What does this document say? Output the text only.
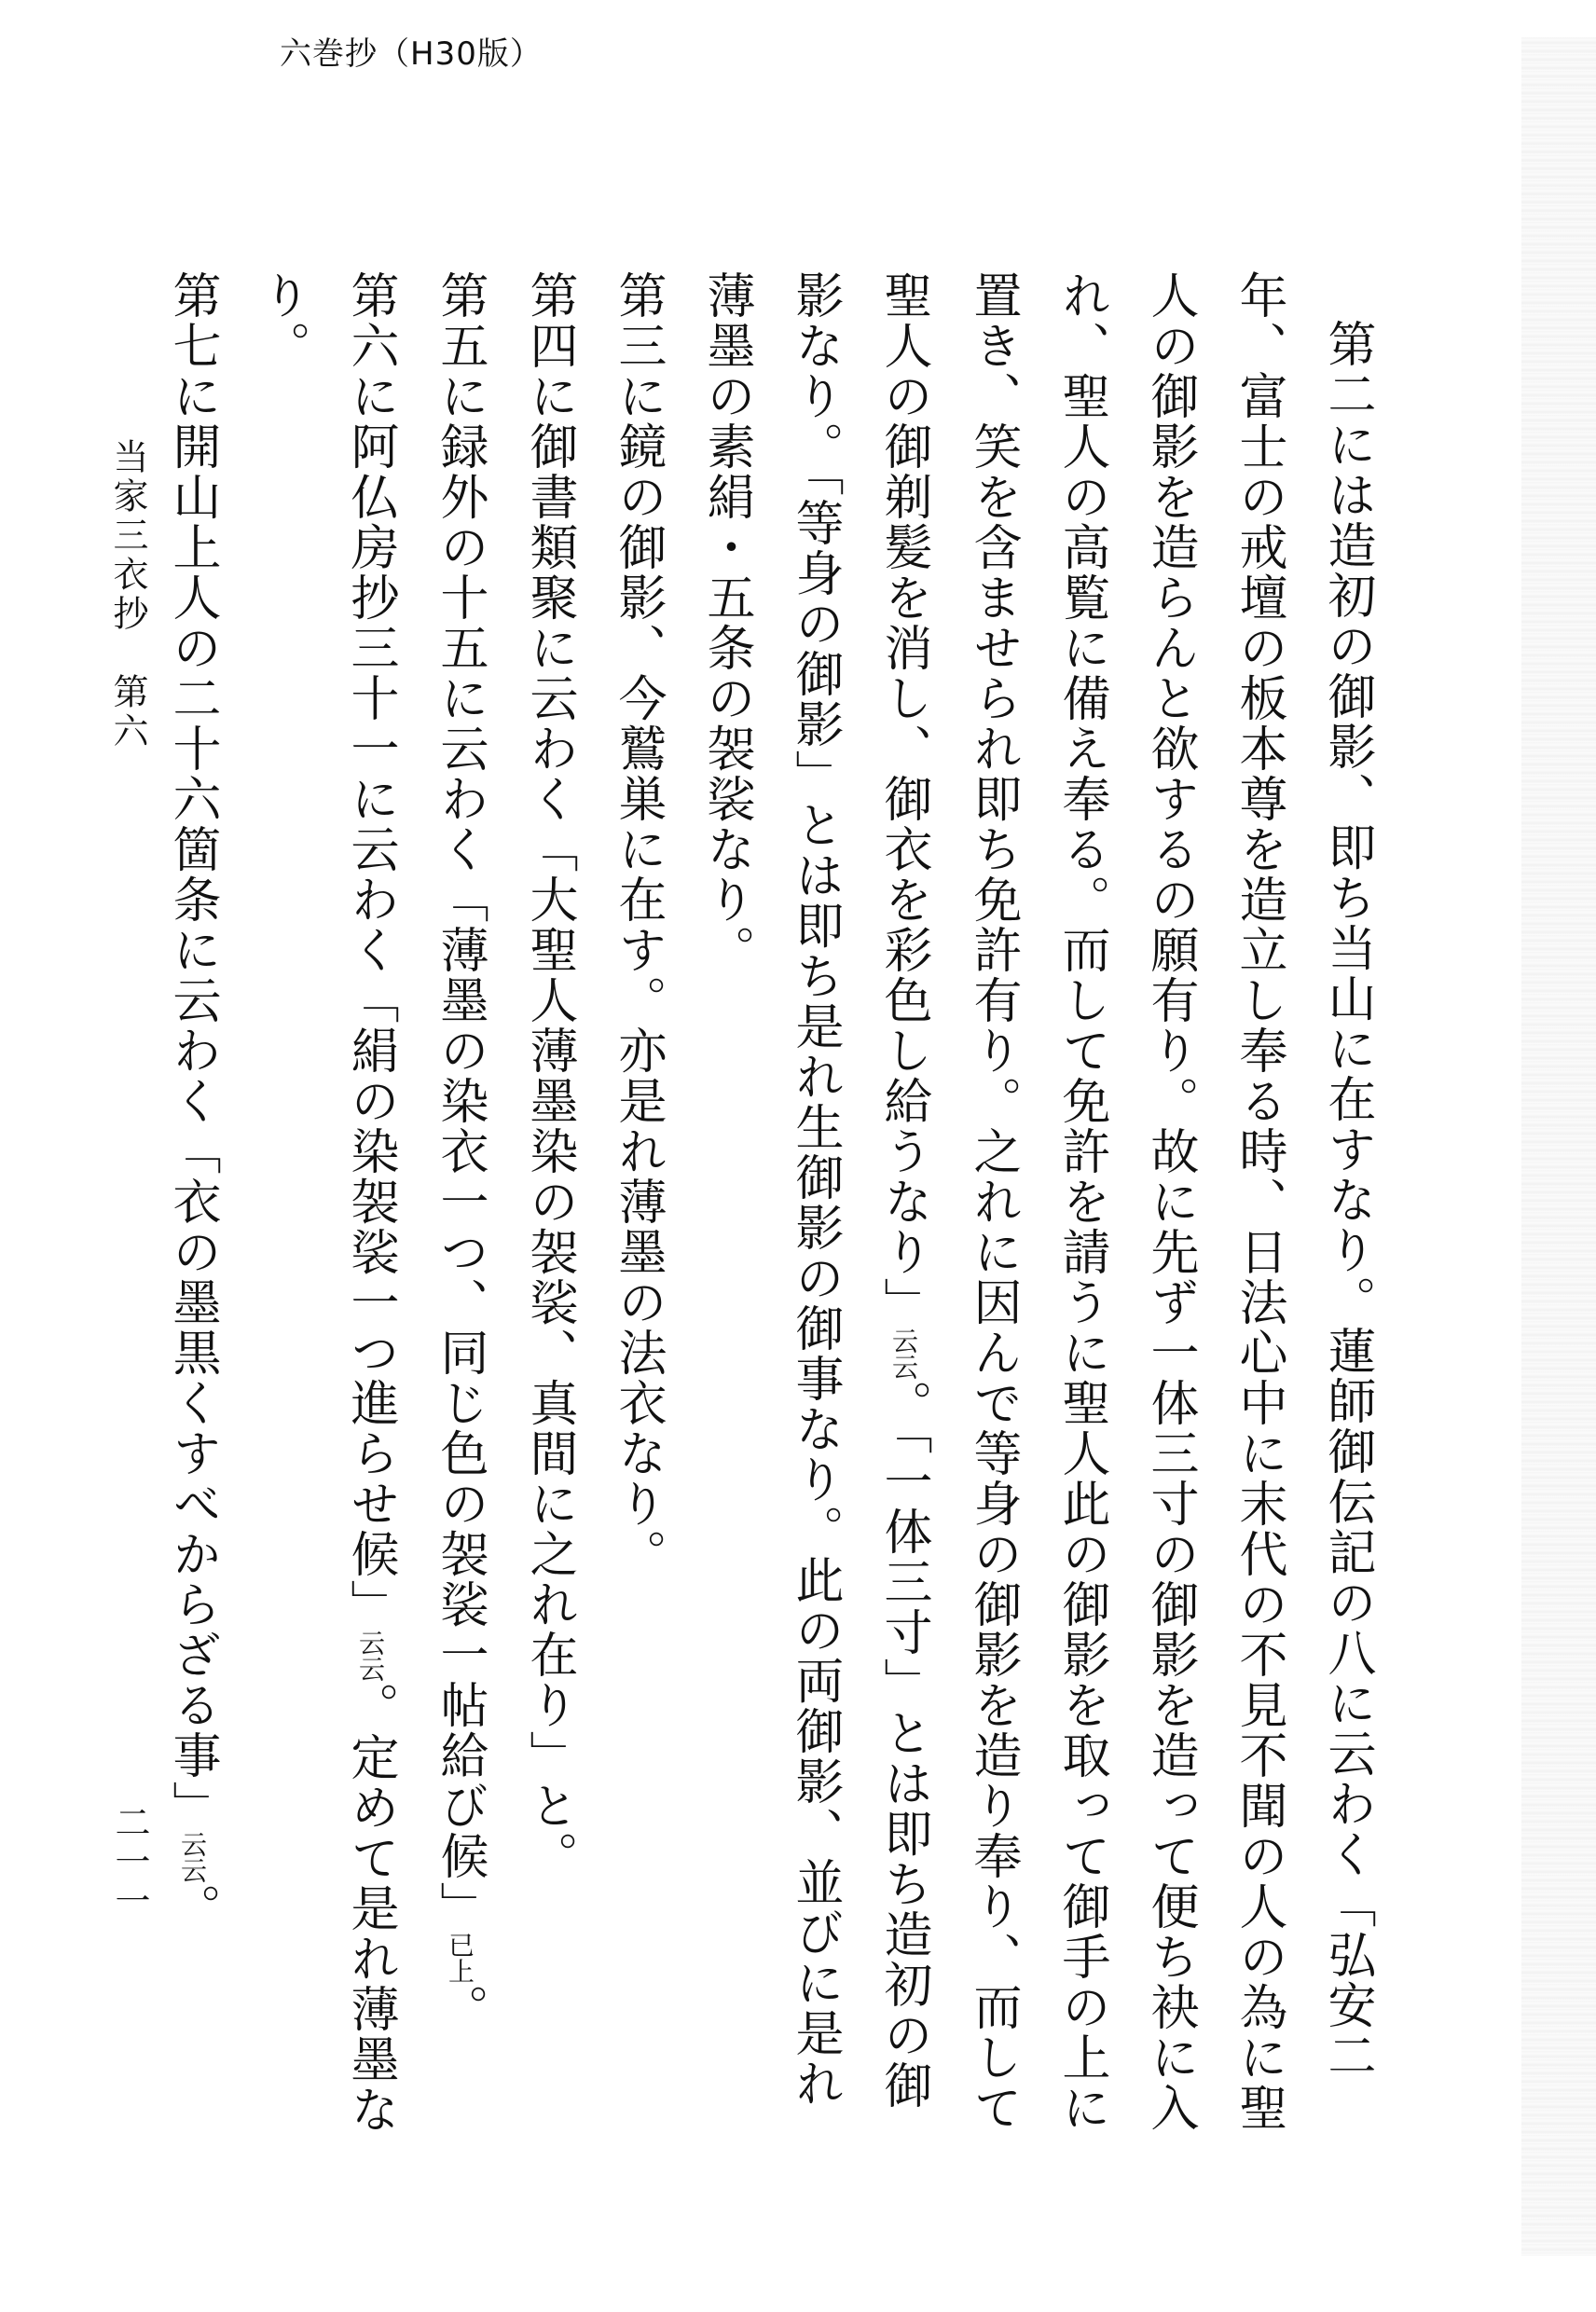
六巻抄（H30版）

第二には造初の御影、即ち当山に在すなり。蓮師御伝記の八に云わく「弘安二年、富士の戒壇の板本尊を造立し奉る時、日法心中に末代の不見不聞の人の為に聖人の御影を造らんと欲するの願有り。故に先ず一体三寸の御影を造って便ち袂に入れ、聖人の高覧に備え奉る。而して免許を請うに聖人此の御影を取って御手の上に置き、笑を含ませられ即ち免許有り。之れに因んで等身の御影を造り奉り、而して聖人の御剃髪を消し、御衣を彩色し給うなり」云云。「一体三寸」とは即ち造初の御影なり。「等身の御影」とは即ち是れ生御影の御事なり。此の両御影、並びに是れ薄墨の素絹・五条の袈裟なり。

第三に鏡の御影、今鷲巣に在す。亦是れ薄墨の法衣なり。

第四に御書類聚に云わく「大聖人薄墨染の袈裟、真間に之れ在り」と。

第五に録外の十五に云わく「薄墨の染衣一つ、同じ色の袈裟一帖給び候」已上。

第六に阿仏房抄三十一に云わく「絹の染袈裟一つ進らせ候」云云。定めて是れ薄墨なり。

第七に開山上人の二十六箇条に云わく「衣の墨黒くすべからざる事」云云。

当家三衣抄　第六
二一一
